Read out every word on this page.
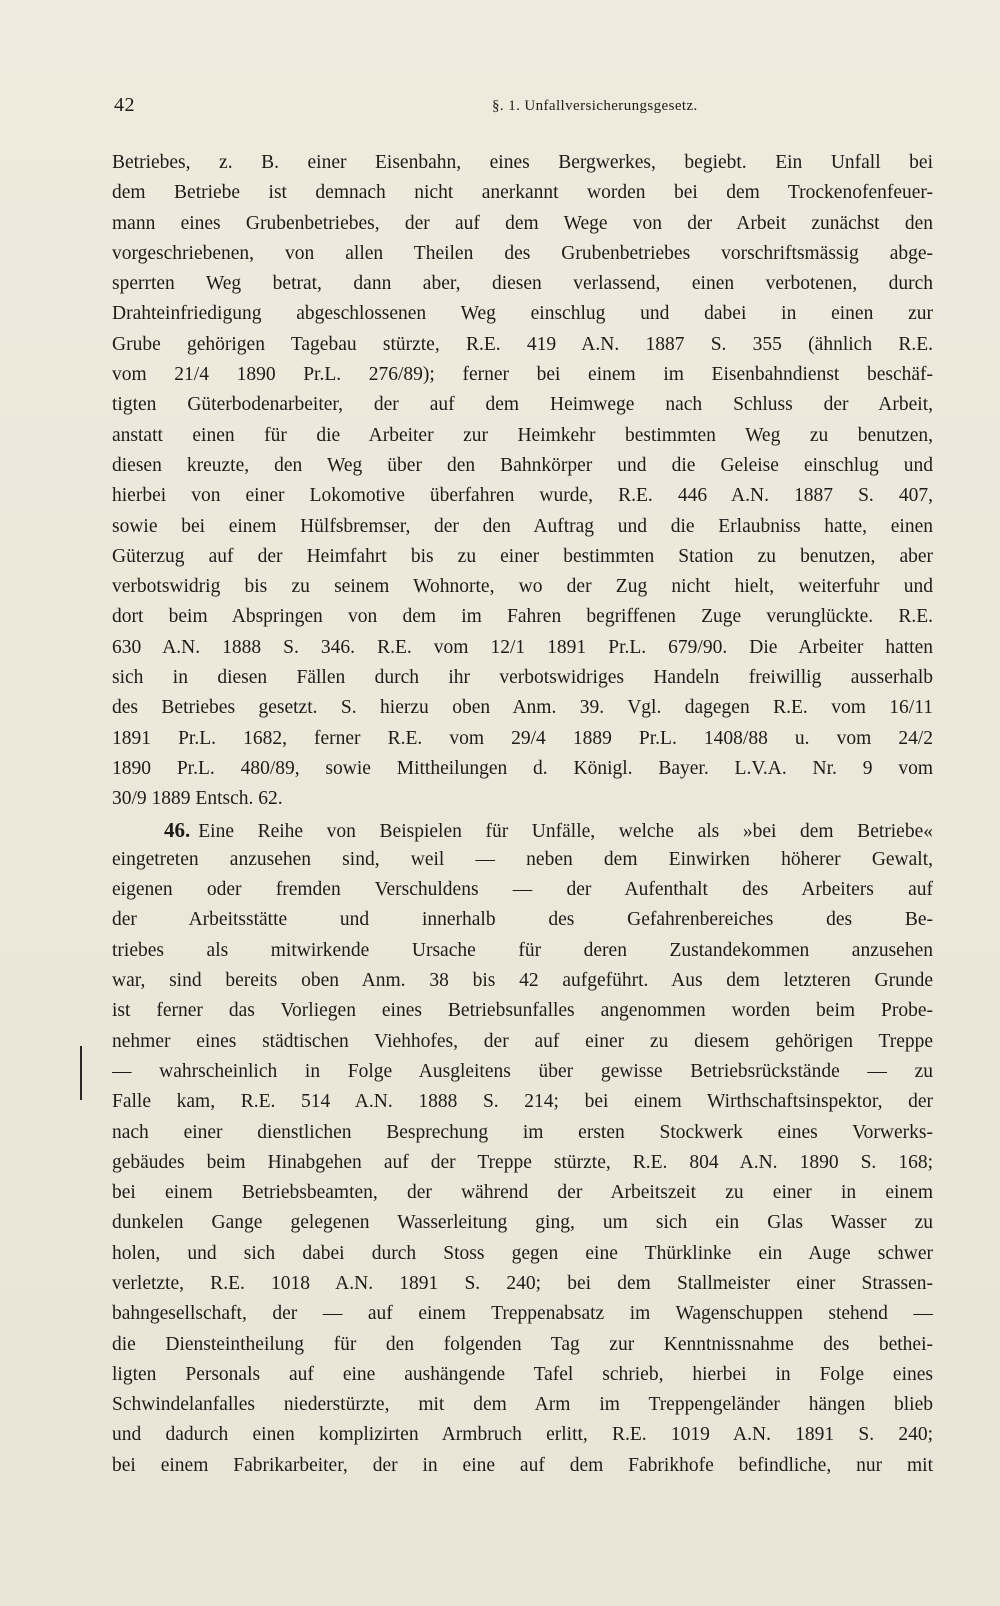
42	§. 1. Unfallversicherungsgesetz.
Betriebes, z. B. einer Eisenbahn, eines Bergwerkes, begiebt. Ein Unfall bei
dem Betriebe ist demnach nicht anerkannt worden bei dem Trockenofenfeuer-
mann eines Grubenbetriebes, der auf dem Wege von der Arbeit zunächst den
vorgeschriebenen, von allen Theilen des Grubenbetriebes vorschriftsmässig abge-
sperrten Weg betrat, dann aber, diesen verlassend, einen verbotenen, durch
Drahteinfriedigung abgeschlossenen Weg einschlug und dabei in einen zur
Grube gehörigen Tagebau stürzte, R.E. 419 A.N. 1887 S. 355 (ähnlich R.E.
vom 21/4 1890 Pr.L. 276/89); ferner bei einem im Eisenbahndienst beschäf-
tigten Güterbodenarbeiter, der auf dem Heimwege nach Schluss der Arbeit,
anstatt einen für die Arbeiter zur Heimkehr bestimmten Weg zu benutzen,
diesen kreuzte, den Weg über den Bahnkörper und die Geleise einschlug und
hierbei von einer Lokomotive überfahren wurde, R.E. 446 A.N. 1887 S. 407,
sowie bei einem Hülfsbremser, der den Auftrag und die Erlaubniss hatte, einen
Güterzug auf der Heimfahrt bis zu einer bestimmten Station zu benutzen, aber
verbotswidrig bis zu seinem Wohnorte, wo der Zug nicht hielt, weiterfuhr und
dort beim Abspringen von dem im Fahren begriffenen Zuge verunglückte. R.E.
630 A.N. 1888 S. 346. R.E. vom 12/1 1891 Pr.L. 679/90. Die Arbeiter hatten
sich in diesen Fällen durch ihr verbotswidriges Handeln freiwillig ausserhalb
des Betriebes gesetzt. S. hierzu oben Anm. 39. Vgl. dagegen R.E. vom 16/11
1891 Pr.L. 1682, ferner R.E. vom 29/4 1889 Pr.L. 1408/88 u. vom 24/2
1890 Pr.L. 480/89, sowie Mittheilungen d. Königl. Bayer. L.V.A. Nr. 9 vom
30/9 1889 Entsch. 62.
46. Eine Reihe von Beispielen für Unfälle, welche als »bei dem Betriebe«
eingetreten anzusehen sind, weil — neben dem Einwirken höherer Gewalt,
eigenen oder fremden Verschuldens — der Aufenthalt des Arbeiters auf
der Arbeitsstätte und innerhalb des Gefahrenbereiches des Be-
triebes als mitwirkende Ursache für deren Zustandekommen anzusehen
war, sind bereits oben Anm. 38 bis 42 aufgeführt. Aus dem letzteren Grunde
ist ferner das Vorliegen eines Betriebsunfalles angenommen worden beim Probe-
nehmer eines städtischen Viehhofes, der auf einer zu diesem gehörigen Treppe
— wahrscheinlich in Folge Ausgleitens über gewisse Betriebsrückstände — zu
Falle kam, R.E. 514 A.N. 1888 S. 214; bei einem Wirthschaftsinspektor, der
nach einer dienstlichen Besprechung im ersten Stockwerk eines Vorwerks-
gebäudes beim Hinabgehen auf der Treppe stürzte, R.E. 804 A.N. 1890 S. 168;
bei einem Betriebsbeamten, der während der Arbeitszeit zu einer in einem
dunkelen Gange gelegenen Wasserleitung ging, um sich ein Glas Wasser zu
holen, und sich dabei durch Stoss gegen eine Thürklinke ein Auge schwer
verletzte, R.E. 1018 A.N. 1891 S. 240; bei dem Stallmeister einer Strassen-
bahngesellschaft, der — auf einem Treppenabsatz im Wagenschuppen stehend —
die Diensteintheilung für den folgenden Tag zur Kenntnissnahme des bethei-
ligten Personals auf eine aushängende Tafel schrieb, hierbei in Folge eines
Schwindelanfalles niederstürzte, mit dem Arm im Treppengeländer hängen blieb
und dadurch einen komplizirten Armbruch erlitt, R.E. 1019 A.N. 1891 S. 240;
bei einem Fabrikarbeiter, der in eine auf dem Fabrikhofe befindliche, nur mit
